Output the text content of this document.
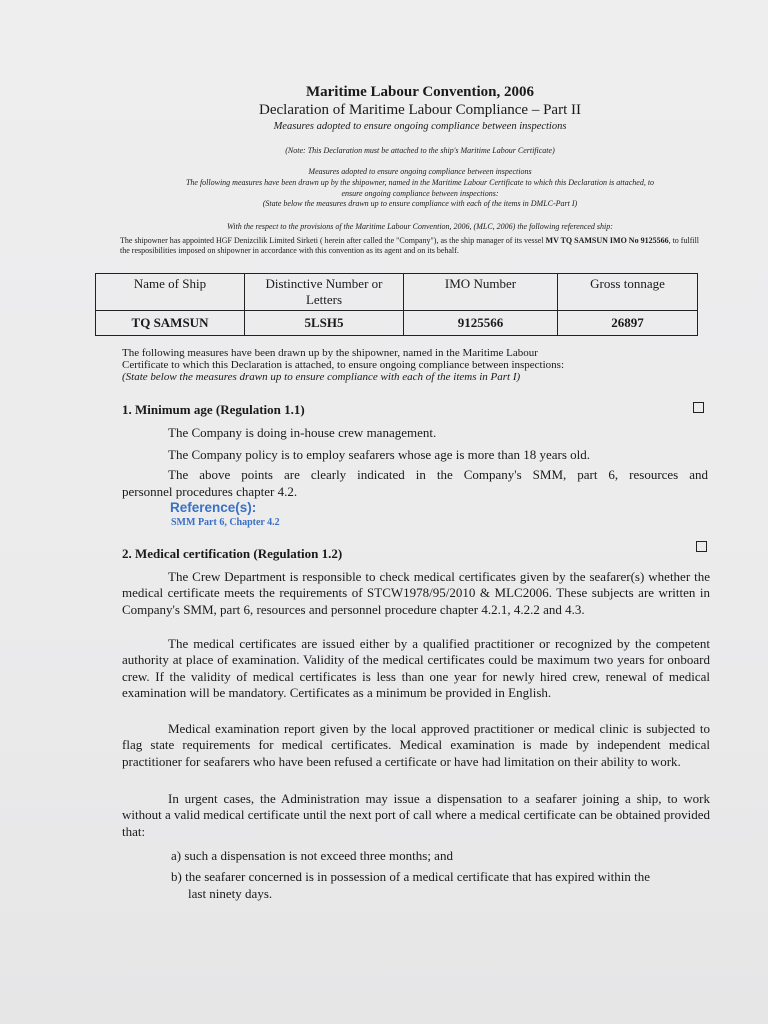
Maritime Labour Convention, 2006
Declaration of Maritime Labour Compliance – Part II
Measures adopted to ensure ongoing compliance between inspections
(Note: This Declaration must be attached to the ship's Maritime Labour Certificate)
Measures adopted to ensure ongoing compliance between inspections
The following measures have been drawn up by the shipowner, named in the Maritime Labour Certificate to which this Declaration is attached, to
ensure ongoing compliance between inspections:
(State below the measures drawn up to ensure compliance with each of the items in DMLC-Part I)
With the respect to the provisions of the Maritime Labour Convention, 2006, (MLC, 2006) the following referenced ship:
The shipowner has appointed HGF Denizcilik Limited Sirketi ( herein after called the "Company"), as the ship manager of its vessel MV TQ SAMSUN IMO No 9125566, to fulfill the resposibilities imposed on shipowner in accordance with this convention as its agent and on its behalf.
Name of Ship	Distinctive Number or Letters	IMO Number	Gross tonnage
TQ SAMSUN	5LSH5	9125566	26897
The following measures have been drawn up by the shipowner, named in the Maritime Labour
Certificate to which this Declaration is attached, to ensure ongoing compliance between inspections:
(State below the measures drawn up to ensure compliance with each of the items in Part I)
1. Minimum age (Regulation 1.1)
The Company is doing in-house crew management.
The Company policy is to employ seafarers whose age is more than 18 years old.
The above points are clearly indicated in the Company's SMM, part 6, resources and
personnel procedures chapter 4.2.
Reference(s):
SMM Part 6, Chapter 4.2
2. Medical certification (Regulation 1.2)
The Crew Department is responsible to check medical certificates given by the seafarer(s) whether the medical certificate meets the requirements of STCW1978/95/2010 & MLC2006. These subjects are written in Company's SMM, part 6, resources and personnel procedure chapter 4.2.1, 4.2.2 and 4.3.
The medical certificates are issued either by a qualified practitioner or recognized by the competent authority at place of examination. Validity of the medical certificates could be maximum two years for onboard crew. If the validity of medical certificates is less than one year for newly hired crew, renewal of medical examination will be mandatory. Certificates as a minimum be provided in English.
Medical examination report given by the local approved practitioner or medical clinic is subjected to flag state requirements for medical certificates. Medical examination is made by independent medical practitioner for seafarers who have been refused a certificate or have had limitation on their ability to work.
In urgent cases, the Administration may issue a dispensation to a seafarer joining a ship, to work without a valid medical certificate until the next port of call where a medical certificate can be obtained provided that:
a) such a dispensation is not exceed three months; and
b) the seafarer concerned is in possession of a medical certificate that has expired within the
last ninety days.
